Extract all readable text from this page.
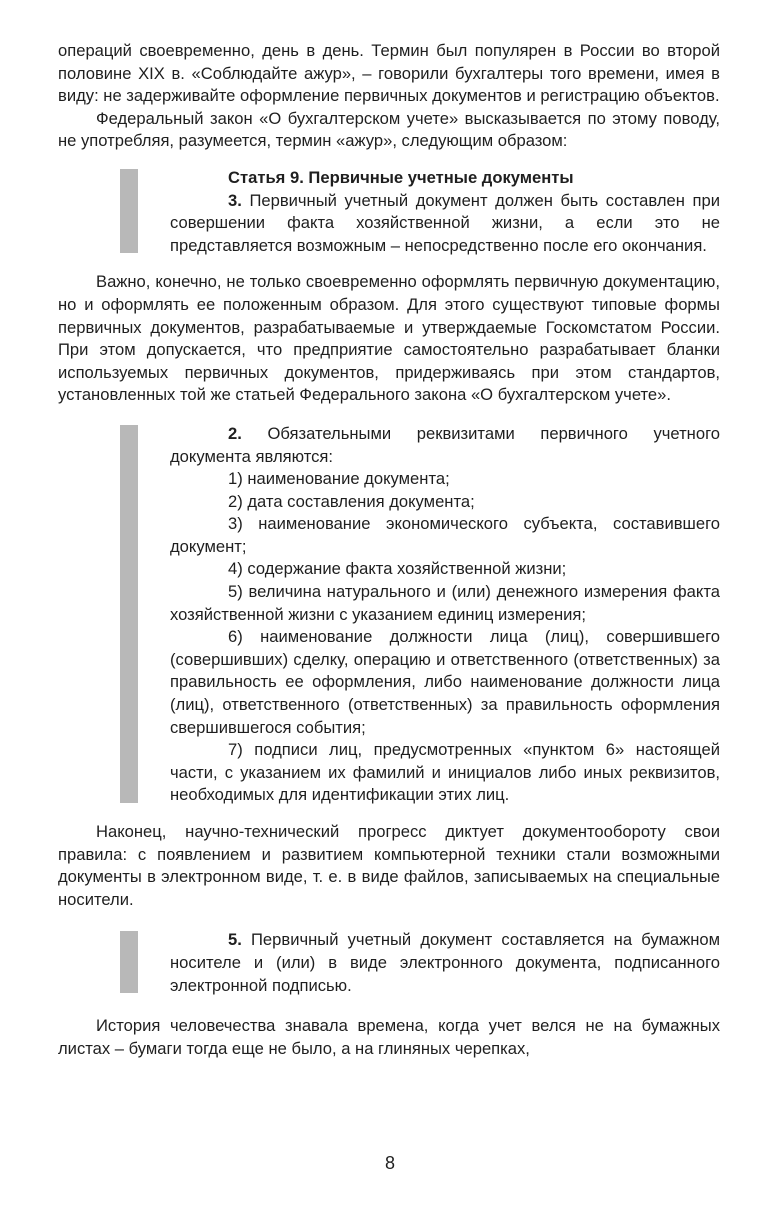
операций своевременно, день в день. Термин был популярен в России во второй половине XIX в. «Соблюдайте ажур», – говорили бухгалтеры того времени, имея в виду: не задерживайте оформление первичных документов и регистрацию объектов.

Федеральный закон «О бухгалтерском учете» высказывается по этому поводу, не употребляя, разумеется, термин «ажур», следующим образом:

Статья 9. Первичные учетные документы

3. Первичный учетный документ должен быть составлен при совершении факта хозяйственной жизни, а если это не представляется возможным – непосредственно после его окончания.

Важно, конечно, не только своевременно оформлять первичную документацию, но и оформлять ее положенным образом. Для этого существуют типовые формы первичных документов, разрабатываемые и утверждаемые Госкомстатом России. При этом допускается, что предприятие самостоятельно разрабатывает бланки используемых первичных документов, придерживаясь при этом стандартов, установленных той же статьей Федерального закона «О бухгалтерском учете».

2. Обязательными реквизитами первичного учетного документа являются:

1) наименование документа;

2) дата составления документа;

3) наименование экономического субъекта, составившего документ;

4) содержание факта хозяйственной жизни;

5) величина натурального и (или) денежного измерения факта хозяйственной жизни с указанием единиц измерения;

6) наименование должности лица (лиц), совершившего (совершивших) сделку, операцию и ответственного (ответственных) за правильность ее оформления, либо наименование должности лица (лиц), ответственного (ответственных) за правильность оформления свершившегося события;

7) подписи лиц, предусмотренных «пунктом 6» настоящей части, с указанием их фамилий и инициалов либо иных реквизитов, необходимых для идентификации этих лиц.

Наконец, научно-технический прогресс диктует документообороту свои правила: с появлением и развитием компьютерной техники стали возможными документы в электронном виде, т. е. в виде файлов, записываемых на специальные носители.

5. Первичный учетный документ составляется на бумажном носителе и (или) в виде электронного документа, подписанного электронной подписью.

История человечества знавала времена, когда учет велся не на бумажных листах – бумаги тогда еще не было, а на глиняных черепках,

8
